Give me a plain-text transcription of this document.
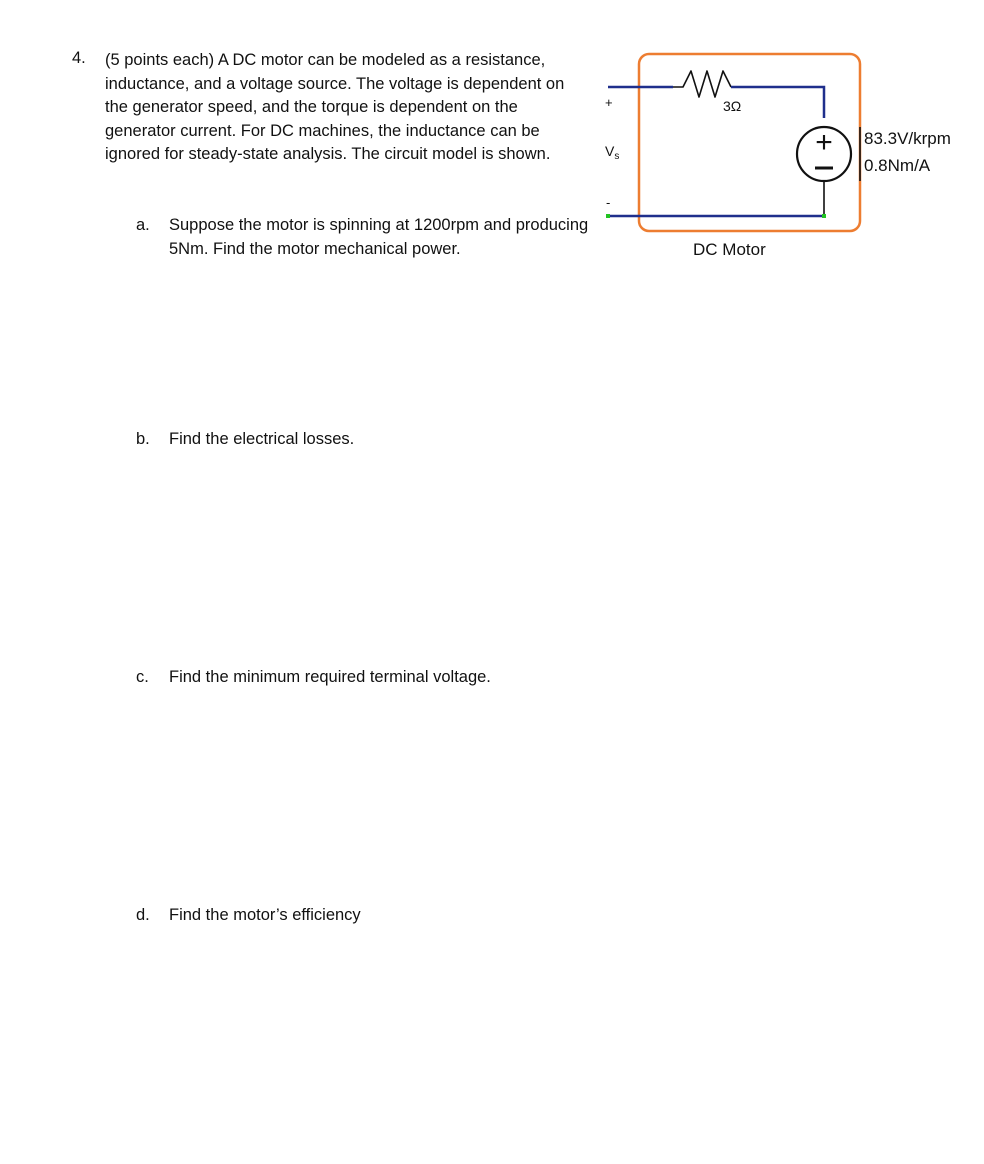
4. (5 points each) A DC motor can be modeled as a resistance, inductance, and a voltage source. The voltage is dependent on the generator speed, and the torque is dependent on the generator current. For DC machines, the inductance can be ignored for steady-state analysis. The circuit model is shown.
a. Suppose the motor is spinning at 1200rpm and producing 5Nm. Find the motor mechanical power.
b. Find the electrical losses.
c. Find the minimum required terminal voltage.
d. Find the motor’s efficiency
+
3Ω
+
$V_s$
-
83.3V/krpm
0.8Nm/A
DC Motor
